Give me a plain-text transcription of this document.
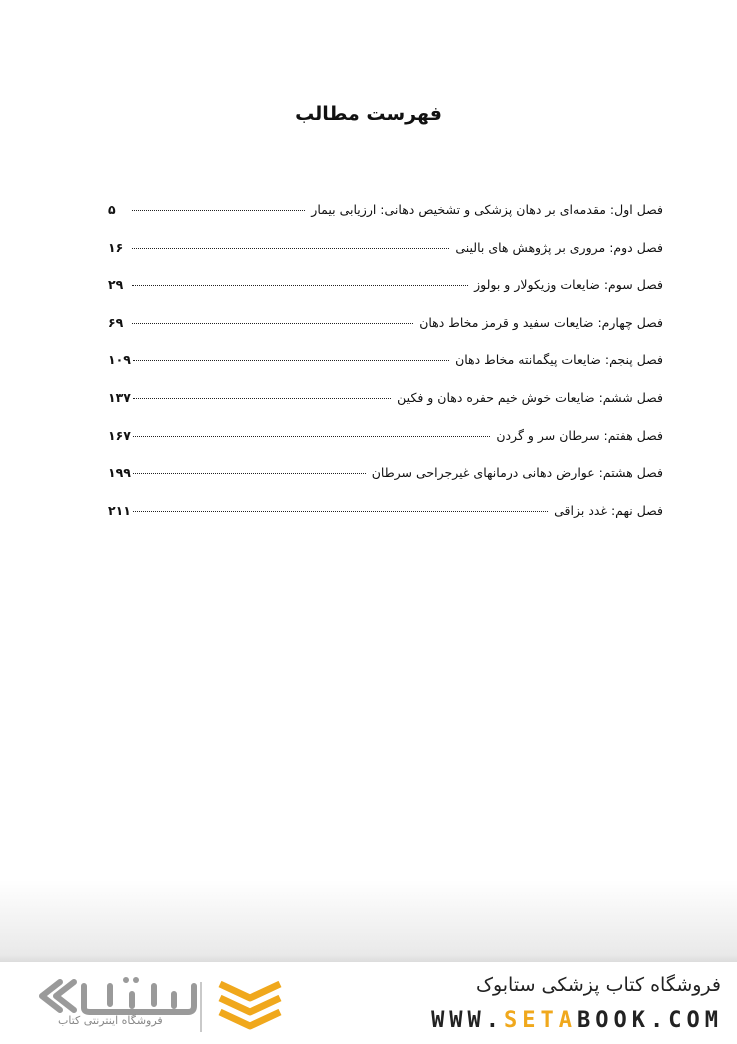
فهرست مطالب
فصل اول: مقدمه‌ای بر دهان پزشکی و تشخیص دهانی: ارزیابی بیمار
۵
فصل دوم: مروری بر پژوهش های بالینی
۱۶
فصل سوم: ضایعات وزیکولار و بولوز
۲۹
فصل چهارم: ضایعات سفید و قرمز مخاط دهان
۶۹
فصل پنجم: ضایعات پیگمانته مخاط دهان
۱۰۹
فصل ششم: ضایعات خوش خیم حفره دهان و فکین
۱۳۷
فصل هفتم: سرطان سر و گردن
۱۶۷
فصل هشتم: عوارض دهانی درمانهای غیرجراحی سرطان
۱۹۹
فصل نهم: غدد بزاقی
۲۱۱
فروشگاه اینترنتی کتاب
فروشگاه کتاب پزشکی ستابوک
WWW.SETABOOK.COM
